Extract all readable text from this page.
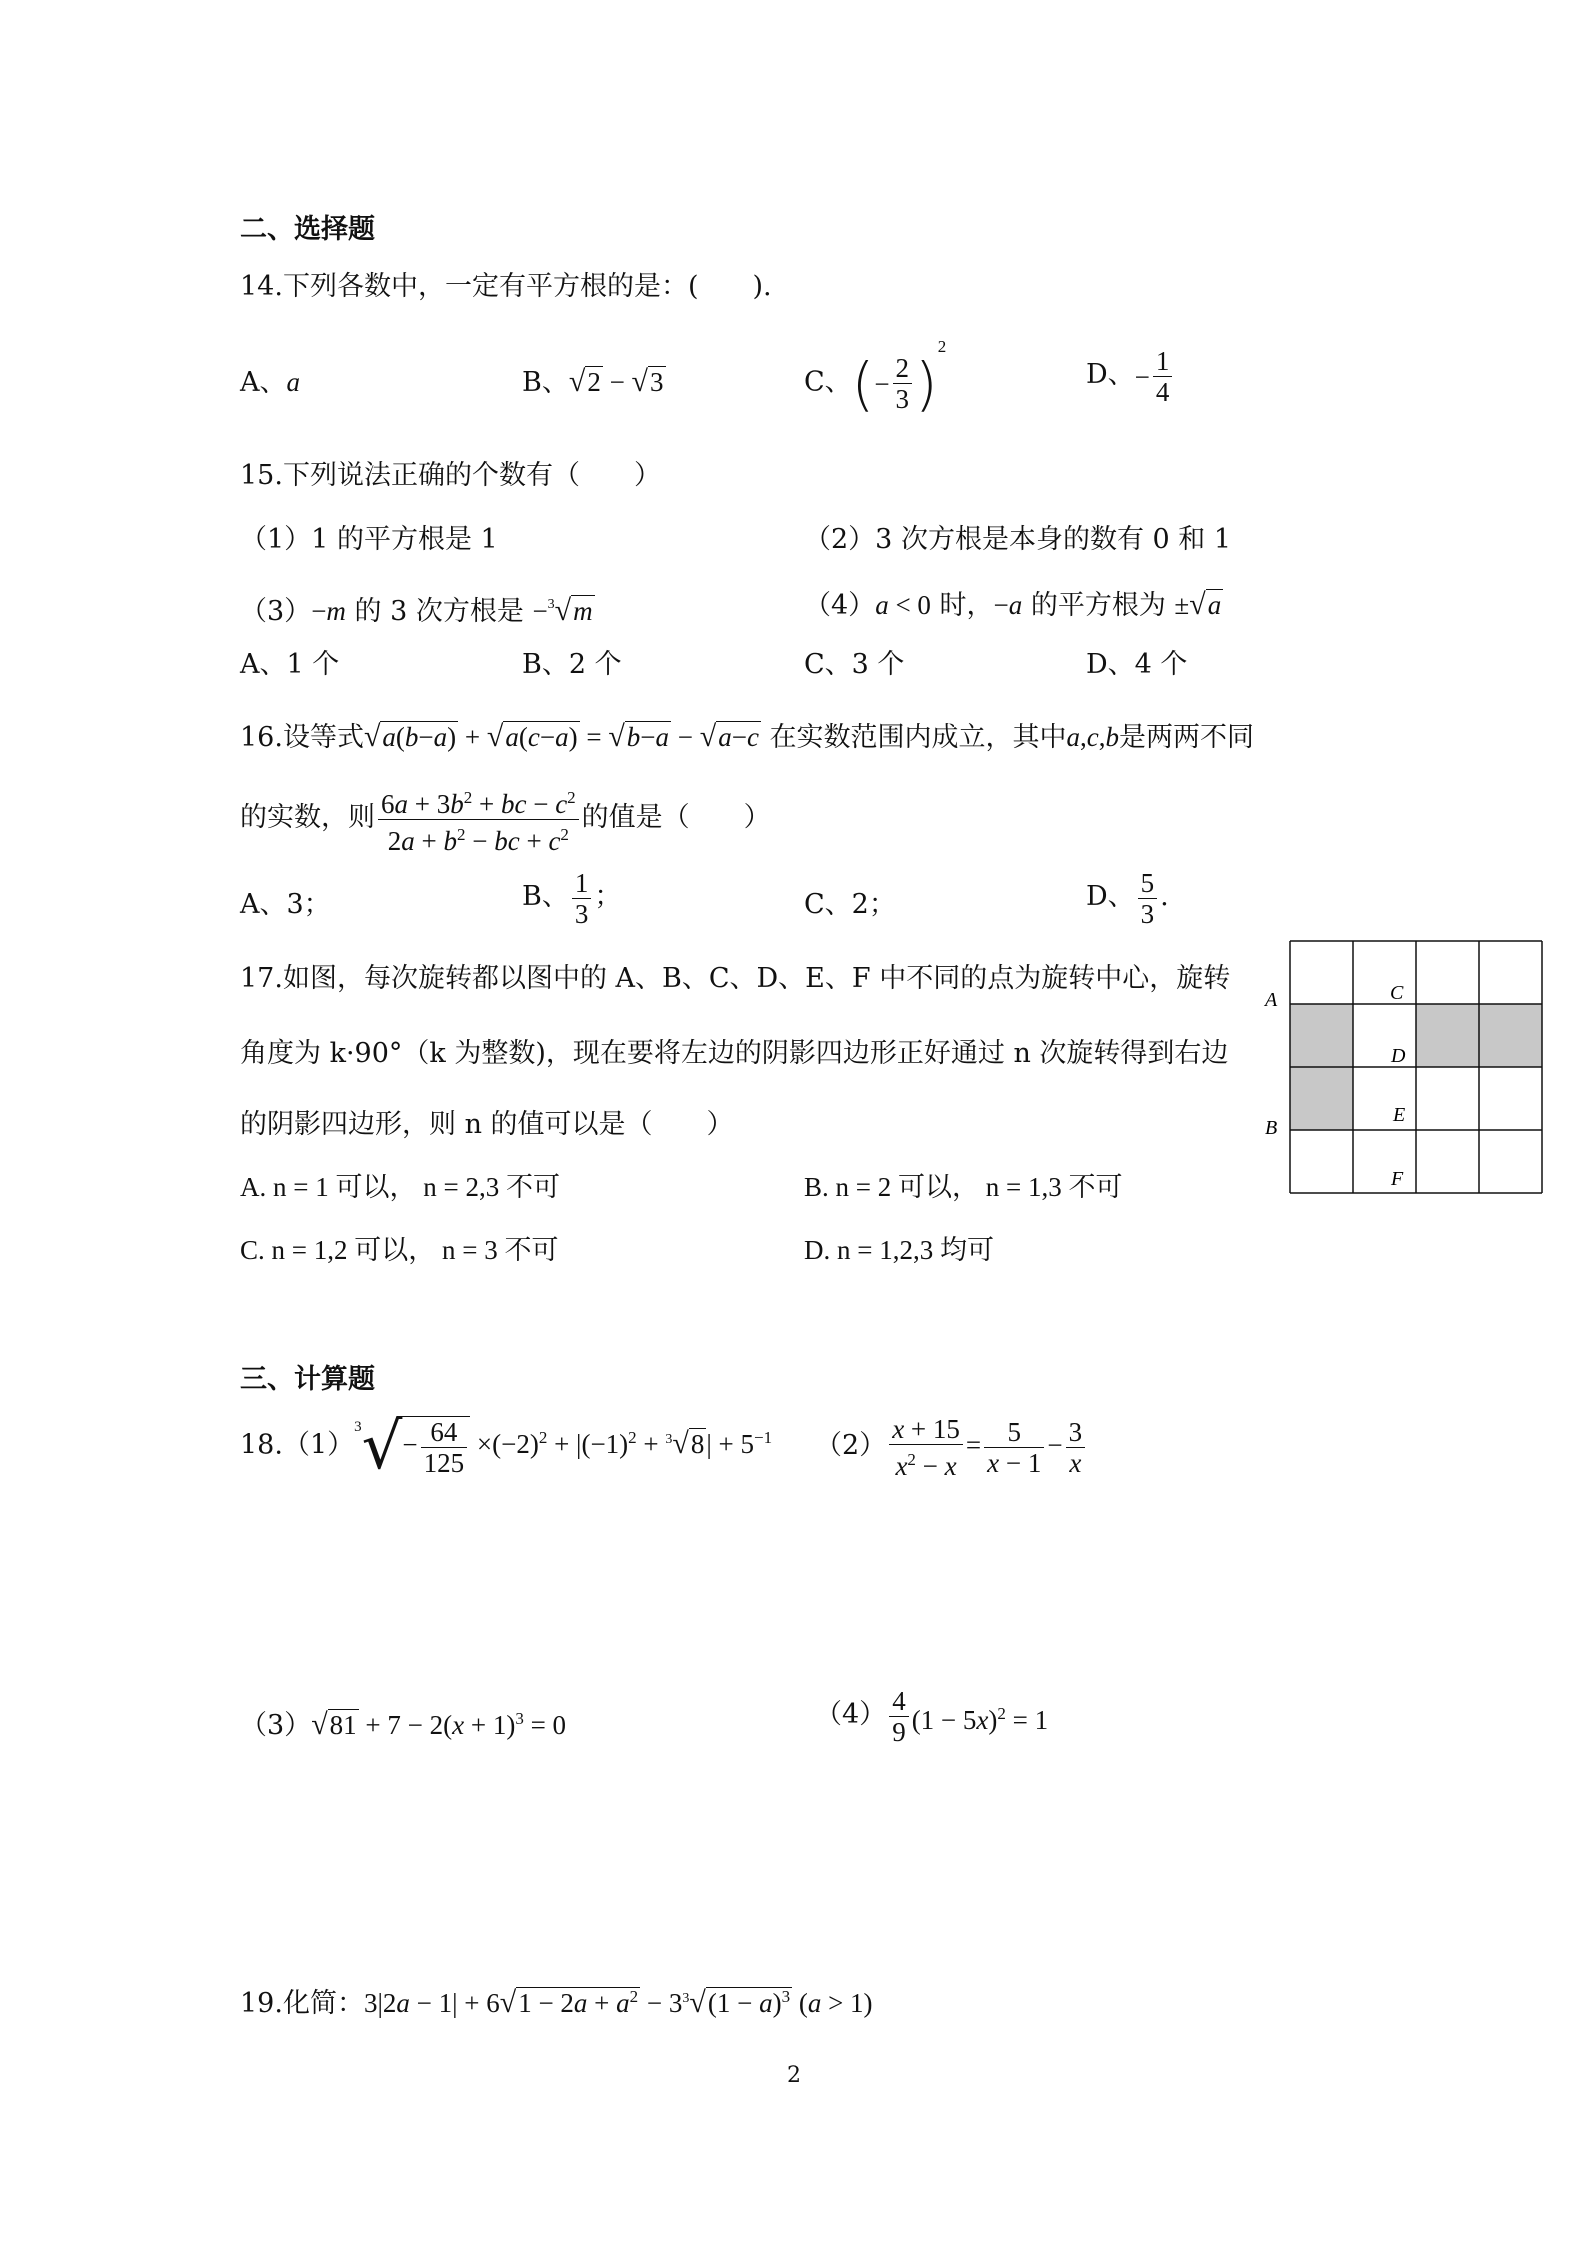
二、选择题
14.下列各数中，一定有平方根的是：(　　).
A、a	B、√2 − √3	C、(− $\frac{2}{3} )^2$
D、− $\frac{1}{4}$
15.下列说法正确的个数有（　　）
（1）1 的平方根是 1	（2）3 次方根是本身的数有 0 和 1
（3）−m 的 3 次方根是 −$^3$√m	（4）a < 0 时，−a 的平方根为 ±√a
A、1 个	B、2 个	C、3 个	D、4 个
16.设等式√a(b−a) + √a(c−a) = √b−a − √a−c 在实数范围内成立，其中a,c,b是两两不同
的实数，则 $\frac{6a + 3b^2 + bc - c^2}{2a + b^2 - bc + c^2}$ 的值是（　　）
A、3；	B、 $\frac{1}{3}$ ；	C、2；	D、 $\frac{5}{3}$ .
17.如图，每次旋转都以图中的 A、B、C、D、E、F 中不同的点为旋转中心，旋转
角度为 k·90°（k 为整数)，现在要将左边的阴影四边形正好通过 n 次旋转得到右边
的阴影四边形，则 n 的值可以是（　　）
A. n = 1 可以， n = 2,3 不可	B. n = 2 可以， n = 1,3 不可
C. n = 1,2 可以， n = 3 不可	D. n = 1,2,3 均可
A
B
C
D
E
F
三、计算题
$18.(1)^3√- \frac{64}{125} \times(-2)^2 + |(-1)^2 + ^3√8| + 5^{-1}$ $(2) \frac{x + 15}{x^2 - x} = \frac{5}{x - 1} - \frac{3}{x}$
$(3)√81 + 7 - 2(x + 1)^3 = 0$	$(4) \frac{4}{9} (1 - 5x)^2 = 1$
19.化简：$3|2a - 1| + 6√1 - 2a + a^2 - 3^3√(1 - a)^3$ (a > 1)
2
